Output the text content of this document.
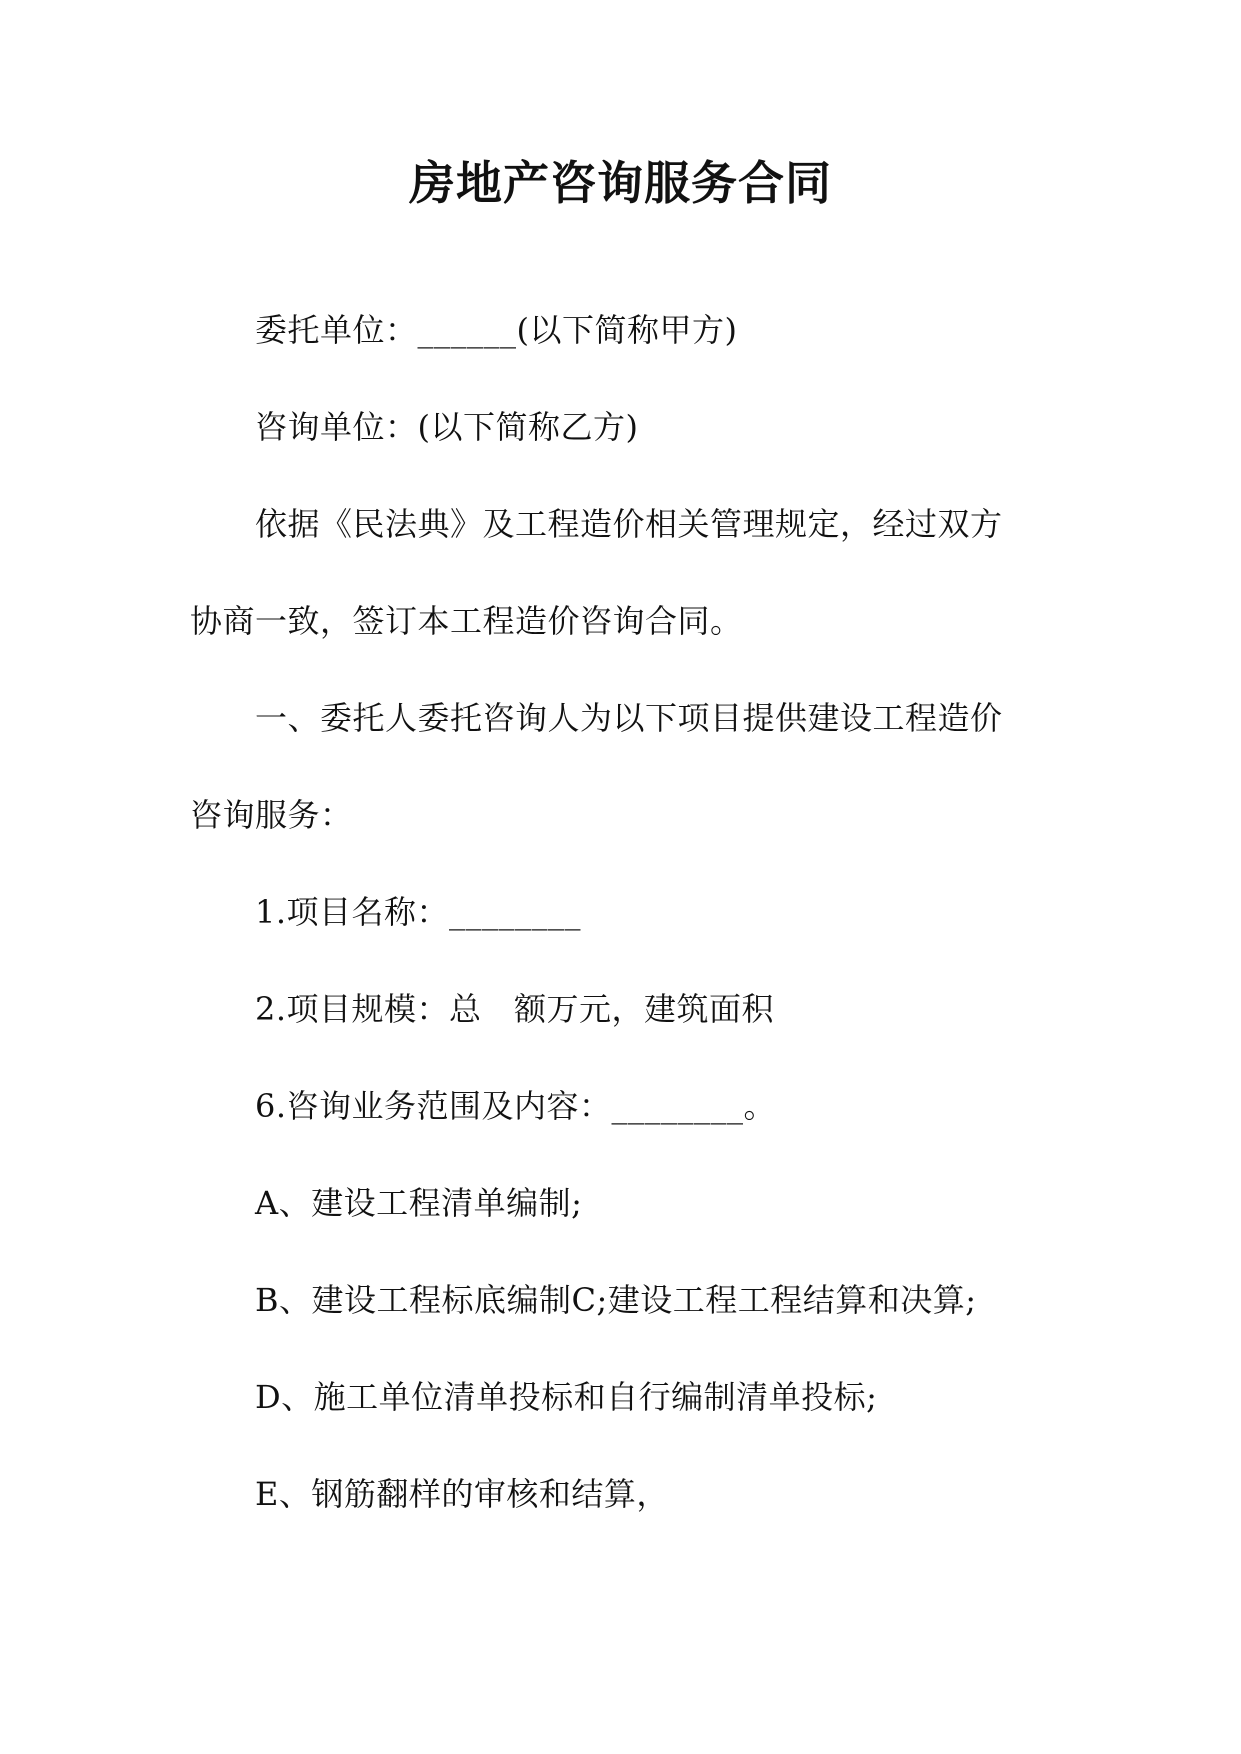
房地产咨询服务合同
委托单位：______(以下简称甲方)
咨询单位：(以下简称乙方)
依据《民法典》及工程造价相关管理规定，经过双方
协商一致，签订本工程造价咨询合同。
一、委托人委托咨询人为以下项目提供建设工程造价
咨询服务：
1.项目名称：________
2.项目规模：总　额万元，建筑面积
6.咨询业务范围及内容：________。
A、建设工程清单编制;
B、建设工程标底编制C;建设工程工程结算和决算;
D、施工单位清单投标和自行编制清单投标;
E、钢筋翻样的审核和结算，
